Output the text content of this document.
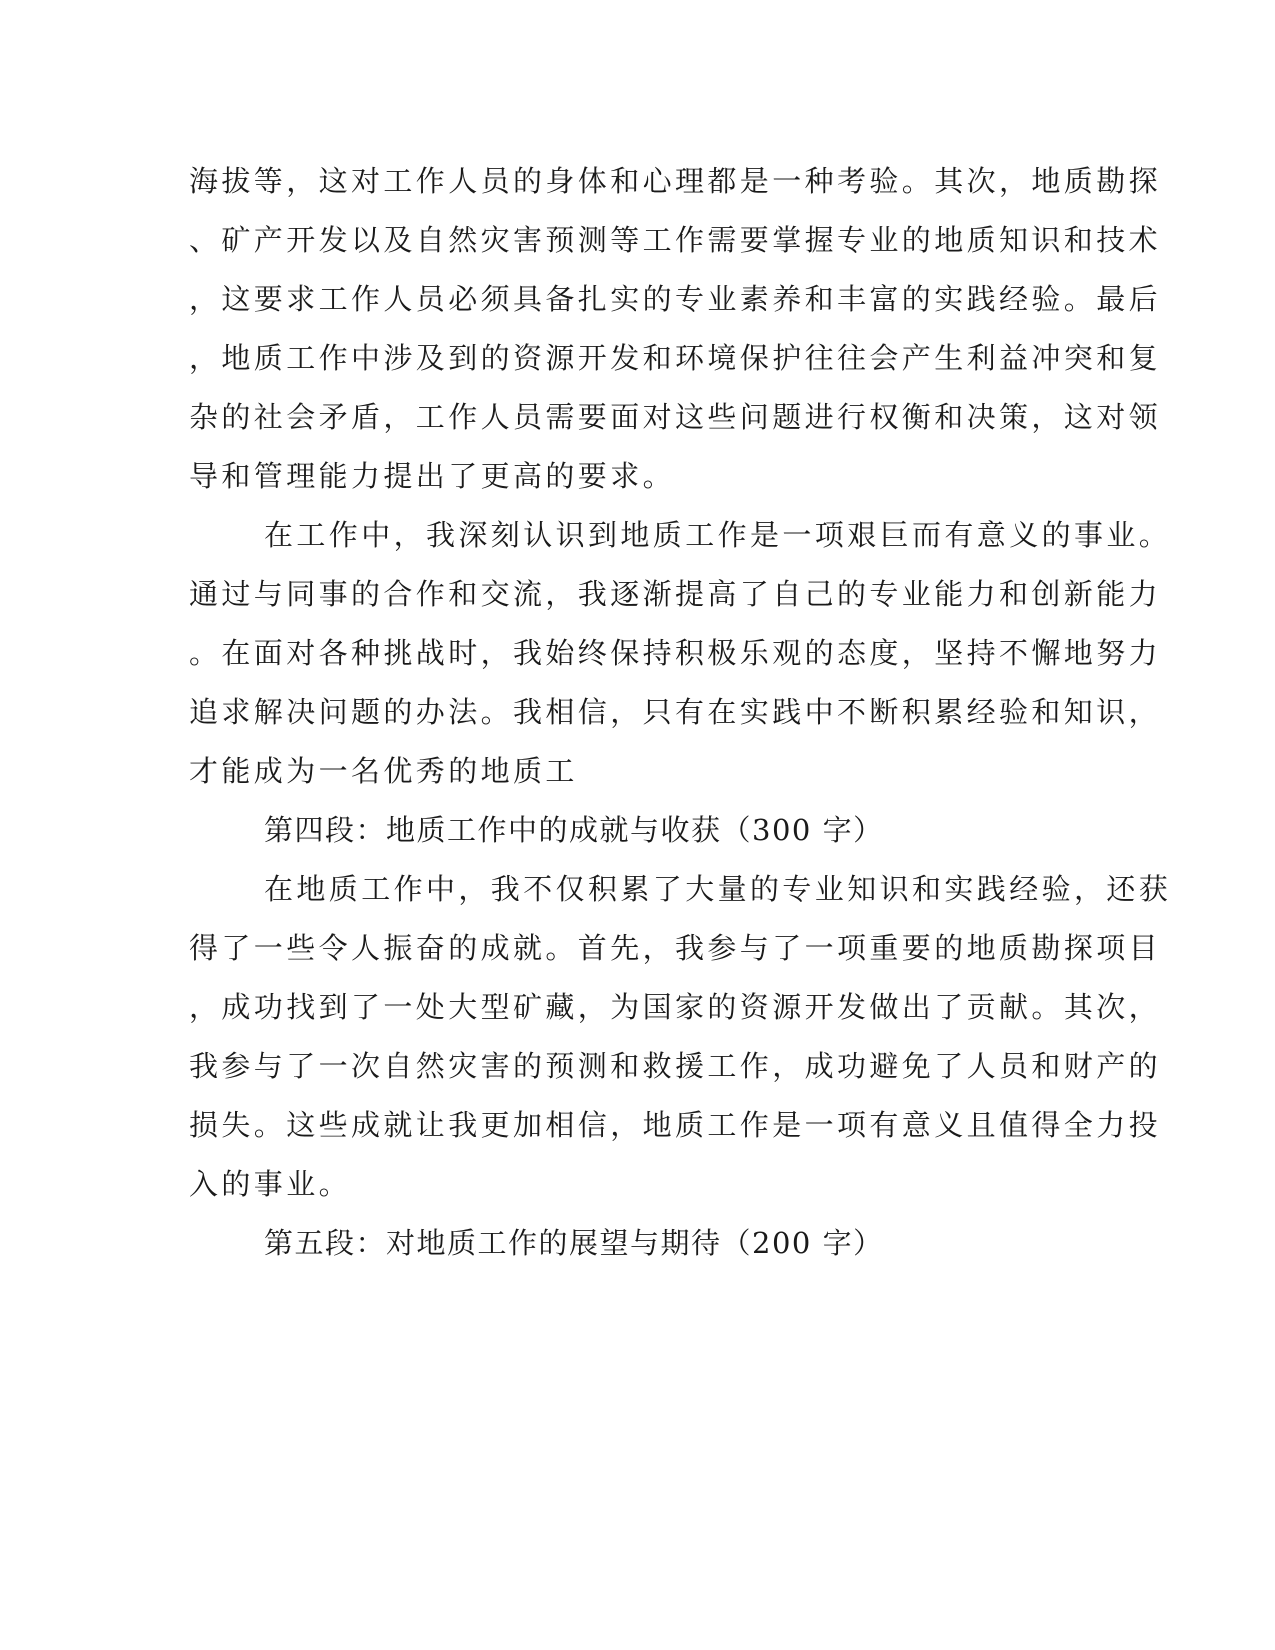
海拔等，这对工作人员的身体和心理都是一种考验。其次，地质勘探
、矿产开发以及自然灾害预测等工作需要掌握专业的地质知识和技术
，这要求工作人员必须具备扎实的专业素养和丰富的实践经验。最后
，地质工作中涉及到的资源开发和环境保护往往会产生利益冲突和复
杂的社会矛盾，工作人员需要面对这些问题进行权衡和决策，这对领
导和管理能力提出了更高的要求。
在工作中，我深刻认识到地质工作是一项艰巨而有意义的事业。
通过与同事的合作和交流，我逐渐提高了自己的专业能力和创新能力
。在面对各种挑战时，我始终保持积极乐观的态度，坚持不懈地努力
追求解决问题的办法。我相信，只有在实践中不断积累经验和知识，
才能成为一名优秀的地质工
第四段：地质工作中的成就与收获（300 字）
在地质工作中，我不仅积累了大量的专业知识和实践经验，还获
得了一些令人振奋的成就。首先，我参与了一项重要的地质勘探项目
，成功找到了一处大型矿藏，为国家的资源开发做出了贡献。其次，
我参与了一次自然灾害的预测和救援工作，成功避免了人员和财产的
损失。这些成就让我更加相信，地质工作是一项有意义且值得全力投
入的事业。
第五段：对地质工作的展望与期待（200 字）
